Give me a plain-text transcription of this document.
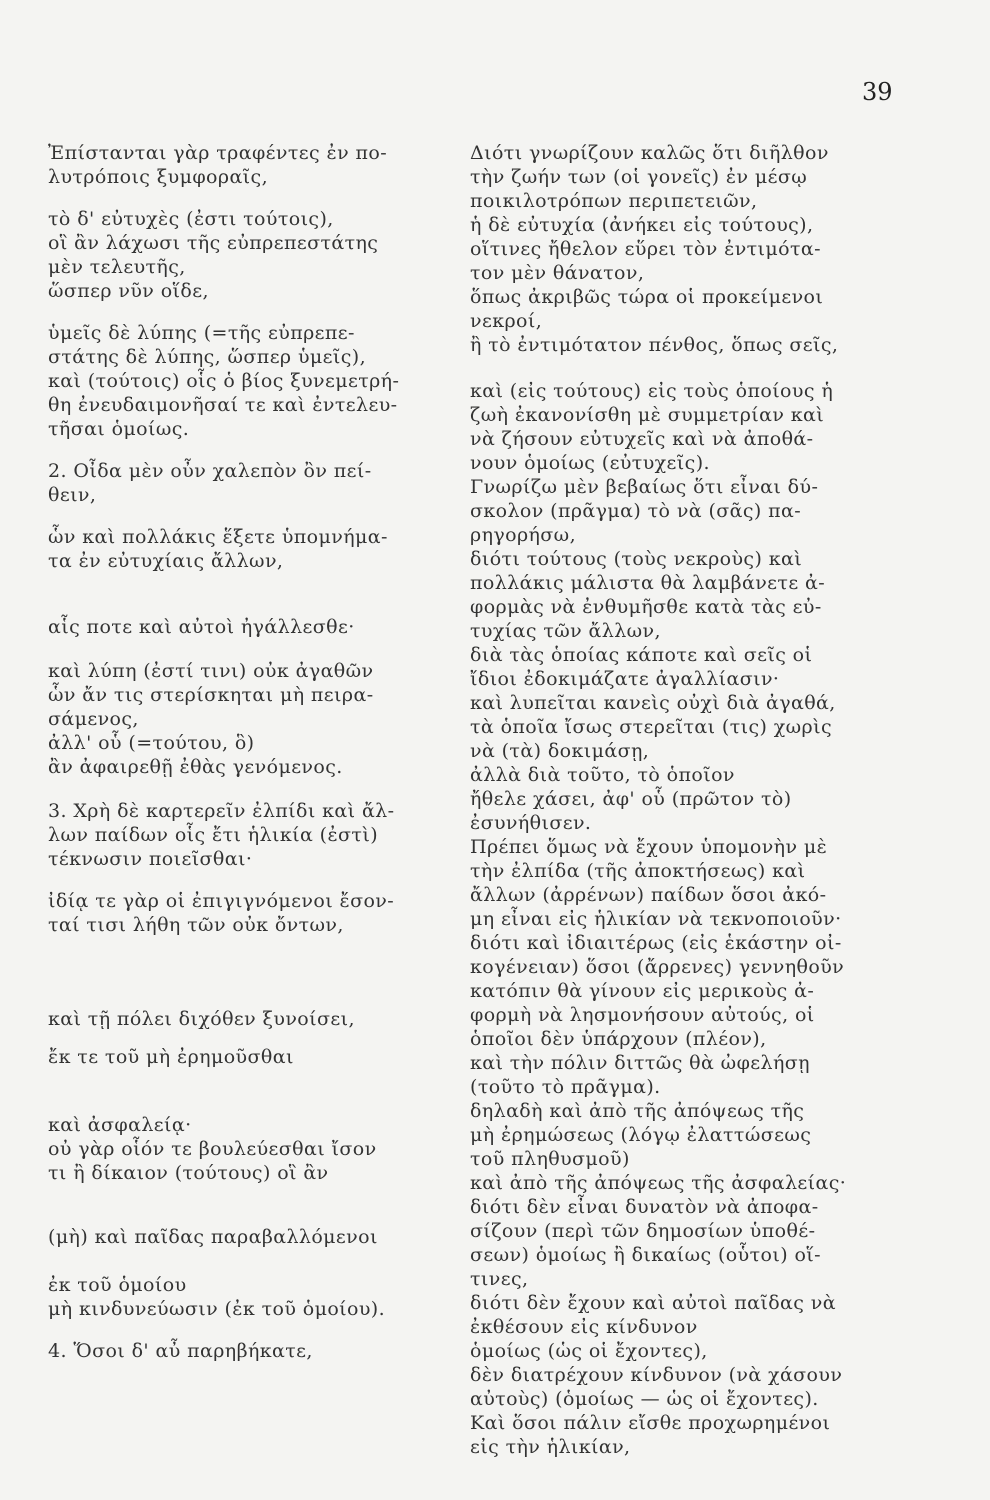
39
Ἐπίστανται γὰρ τραφέντες ἐν πο-
λυτρόποις ξυμφοραῖς,
τὸ δ' εὐτυχὲς (ἐστι τούτοις),
οἳ ἂν λάχωσι τῆς εὐπρεπεστάτης
μὲν τελευτῆς,
ὥσπερ νῦν οἵδε,
ὑμεῖς δὲ λύπης (=τῆς εὐπρεπε-
στάτης δὲ λύπης, ὥσπερ ὑμεῖς),
καὶ (τούτοις) οἷς ὁ βίος ξυνεμετρή-
θη ἐνευδαιμονῆσαί τε καὶ ἐντελευ-
τῆσαι ὁμοίως.
2. Οἶδα μὲν οὖν χαλεπὸν ὂν πεί-
θειν,
ὧν καὶ πολλάκις ἕξετε ὑπομνήμα-
τα ἐν εὐτυχίαις ἄλλων,
αἷς ποτε καὶ αὐτοὶ ἠγάλλεσθε·
καὶ λύπη (ἐστί τινι) οὐκ ἀγαθῶν
ὧν ἄν τις στερίσκηται μὴ πειρα-
σάμενος,
ἀλλ' οὗ (=τούτου, ὃ)
ἂν ἀφαιρεθῇ ἐθὰς γενόμενος.
3. Χρὴ δὲ καρτερεῖν ἐλπίδι καὶ ἄλ-
λων παίδων οἷς ἔτι ἡλικία (ἐστὶ)
τέκνωσιν ποιεῖσθαι·
ἰδίᾳ τε γὰρ οἱ ἐπιγιγνόμενοι ἔσον-
ταί τισι λήθη τῶν οὐκ ὄντων,
καὶ τῇ πόλει διχόθεν ξυνοίσει,
ἔκ τε τοῦ μὴ ἐρημοῦσθαι
καὶ ἀσφαλείᾳ·
οὐ γὰρ οἷόν τε βουλεύεσθαι ἴσον
τι ἢ δίκαιον (τούτους) οἳ ἂν
(μὴ) καὶ παῖδας παραβαλλόμενοι
ἐκ τοῦ ὁμοίου
μὴ κινδυνεύωσιν (ἐκ τοῦ ὁμοίου).
4. Ὅσοι δ' αὖ παρηβήκατε,
Διότι γνωρίζουν καλῶς ὅτι διῆλθον
τὴν ζωήν των (οἱ γονεῖς) ἐν μέσῳ
ποικιλοτρόπων περιπετειῶν,
ἡ δὲ εὐτυχία (ἀνήκει εἰς τούτους),
οἵτινες ἤθελον εὕρει τὸν ἐντιμότα-
τον μὲν θάνατον,
ὅπως ἀκριβῶς τώρα οἱ προκείμενοι
νεκροί,
ἢ τὸ ἐντιμότατον πένθος, ὅπως σεῖς,
καὶ (εἰς τούτους) εἰς τοὺς ὁποίους ἡ
ζωὴ ἐκανονίσθη μὲ συμμετρίαν καὶ
νὰ ζήσουν εὐτυχεῖς καὶ νὰ ἀποθά-
νουν ὁμοίως (εὐτυχεῖς).
Γνωρίζω μὲν βεβαίως ὅτι εἶναι δύ-
σκολον (πρᾶγμα) τὸ νὰ (σᾶς) πα-
ρηγορήσω,
διότι τούτους (τοὺς νεκροὺς) καὶ
πολλάκις μάλιστα θὰ λαμβάνετε ἀ-
φορμὰς νὰ ἐνθυμῆσθε κατὰ τὰς εὐ-
τυχίας τῶν ἄλλων,
διὰ τὰς ὁποίας κάποτε καὶ σεῖς οἱ
ἴδιοι ἐδοκιμάζατε ἀγαλλίασιν·
καὶ λυπεῖται κανεὶς οὐχὶ διὰ ἀγαθά,
τὰ ὁποῖα ἴσως στερεῖται (τις) χωρὶς
νὰ (τὰ) δοκιμάσῃ,
ἀλλὰ διὰ τοῦτο, τὸ ὁποῖον
ἤθελε χάσει, ἀφ' οὗ (πρῶτον τὸ)
ἐσυνήθισεν.
Πρέπει ὅμως νὰ ἔχουν ὑπομονὴν μὲ
τὴν ἐλπίδα (τῆς ἀποκτήσεως) καὶ
ἄλλων (ἀρρένων) παίδων ὅσοι ἀκό-
μη εἶναι εἰς ἡλικίαν νὰ τεκνοποιοῦν·
διότι καὶ ἰδιαιτέρως (εἰς ἑκάστην οἰ-
κογένειαν) ὅσοι (ἄρρενες) γεννηθοῦν
κατόπιν θὰ γίνουν εἰς μερικοὺς ἀ-
φορμὴ νὰ λησμονήσουν αὐτούς, οἱ
ὁποῖοι δὲν ὑπάρχουν (πλέον),
καὶ τὴν πόλιν διττῶς θὰ ὠφελήσῃ
(τοῦτο τὸ πρᾶγμα).
δηλαδὴ καὶ ἀπὸ τῆς ἀπόψεως τῆς
μὴ ἐρημώσεως (λόγῳ ἐλαττώσεως
τοῦ πληθυσμοῦ)
καὶ ἀπὸ τῆς ἀπόψεως τῆς ἀσφαλείας·
διότι δὲν εἶναι δυνατὸν νὰ ἀποφα-
σίζουν (περὶ τῶν δημοσίων ὑποθέ-
σεων) ὁμοίως ἢ δικαίως (οὗτοι) οἵ-
τινες,
διότι δὲν ἔχουν καὶ αὐτοὶ παῖδας νὰ
ἐκθέσουν εἰς κίνδυνον
ὁμοίως (ὡς οἱ ἔχοντες),
δὲν διατρέχουν κίνδυνον (νὰ χάσουν
αὐτοὺς) (ὁμοίως — ὡς οἱ ἔχοντες).
Καὶ ὅσοι πάλιν εἴσθε προχωρημένοι
εἰς τὴν ἡλικίαν,
